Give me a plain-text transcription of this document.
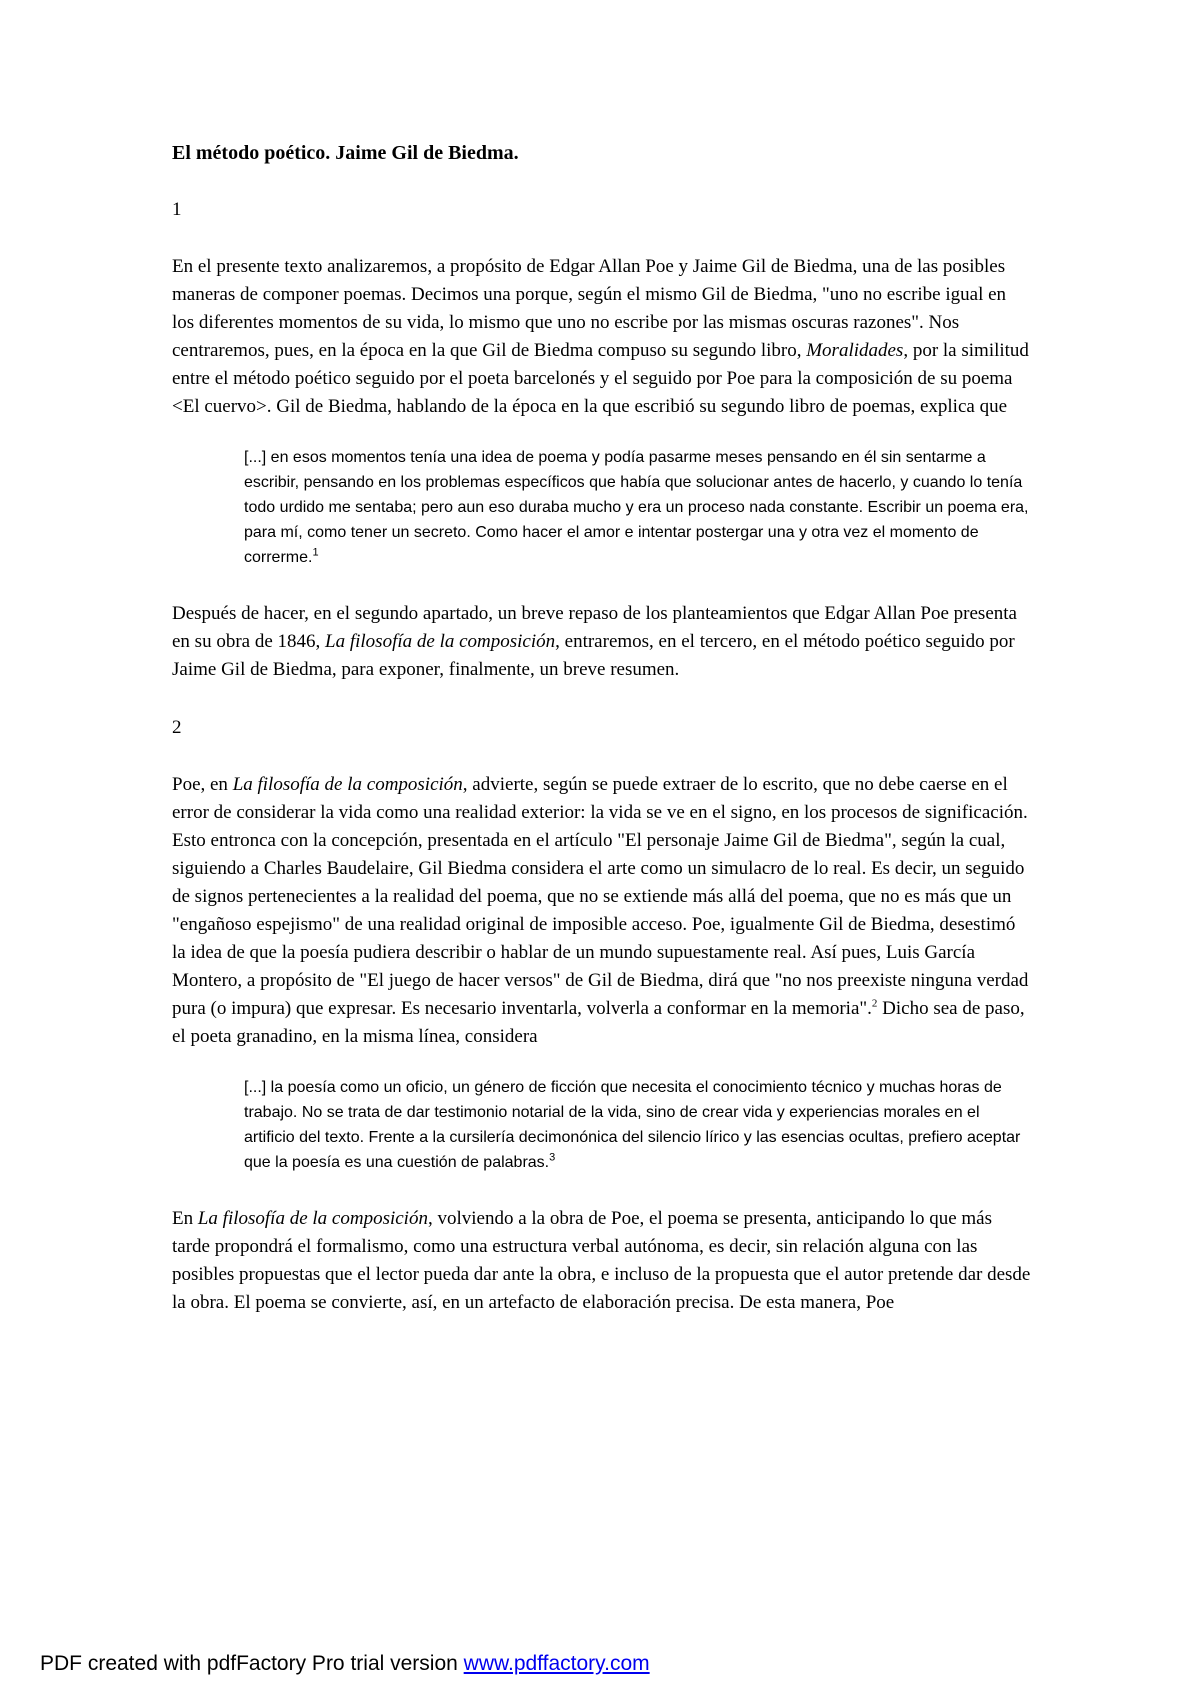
El método poético. Jaime Gil de Biedma.

1

En el presente texto analizaremos, a propósito de Edgar Allan Poe y Jaime Gil de Biedma, una de las posibles maneras de componer poemas. Decimos una porque, según el mismo Gil de Biedma, "uno no escribe igual en los diferentes momentos de su vida, lo mismo que uno no escribe por las mismas oscuras razones". Nos centraremos, pues, en la época en la que Gil de Biedma compuso su segundo libro, Moralidades, por la similitud entre el método poético seguido por el poeta barcelonés y el seguido por Poe para la composición de su poema <El cuervo>. Gil de Biedma, hablando de la época en la que escribió su segundo libro de poemas, explica que

[...] en esos momentos tenía una idea de poema y podía pasarme meses pensando en él sin sentarme a escribir, pensando en los problemas específicos que había que solucionar antes de hacerlo, y cuando lo tenía todo urdido me sentaba; pero aun eso duraba mucho y era un proceso nada constante. Escribir un poema era, para mí, como tener un secreto. Como hacer el amor e intentar postergar una y otra vez el momento de correrme.$^1$

Después de hacer, en el segundo apartado, un breve repaso de los planteamientos que Edgar Allan Poe presenta en su obra de 1846, La filosofía de la composición, entraremos, en el tercero, en el método poético seguido por Jaime Gil de Biedma, para exponer, finalmente, un breve resumen.

2

Poe, en La filosofía de la composición, advierte, según se puede extraer de lo escrito, que no debe caerse en el error de considerar la vida como una realidad exterior: la vida se ve en el signo, en los procesos de significación. Esto entronca con la concepción, presentada en el artículo "El personaje Jaime Gil de Biedma", según la cual, siguiendo a Charles Baudelaire, Gil Biedma considera el arte como un simulacro de lo real. Es decir, un seguido de signos pertenecientes a la realidad del poema, que no se extiende más allá del poema, que no es más que un "engañoso espejismo" de una realidad original de imposible acceso. Poe, igualmente Gil de Biedma, desestimó la idea de que la poesía pudiera describir o hablar de un mundo supuestamente real. Así pues, Luis García Montero, a propósito de "El juego de hacer versos" de Gil de Biedma, dirá que "no nos preexiste ninguna verdad pura (o impura) que expresar. Es necesario inventarla, volverla a conformar en la memoria".$^2$ Dicho sea de paso, el poeta granadino, en la misma línea, considera

[...] la poesía como un oficio, un género de ficción que necesita el conocimiento técnico y muchas horas de trabajo. No se trata de dar testimonio notarial de la vida, sino de crear vida y experiencias morales en el artificio del texto. Frente a la cursilería decimonónica del silencio lírico y las esencias ocultas, prefiero aceptar que la poesía es una cuestión de palabras.$^3$

En La filosofía de la composición, volviendo a la obra de Poe, el poema se presenta, anticipando lo que más tarde propondrá el formalismo, como una estructura verbal autónoma, es decir, sin relación alguna con las posibles propuestas que el lector pueda dar ante la obra, e incluso de la propuesta que el autor pretende dar desde la obra. El poema se convierte, así, en un artefacto de elaboración precisa. De esta manera, Poe

PDF created with pdfFactory Pro trial version www.pdffactory.com
